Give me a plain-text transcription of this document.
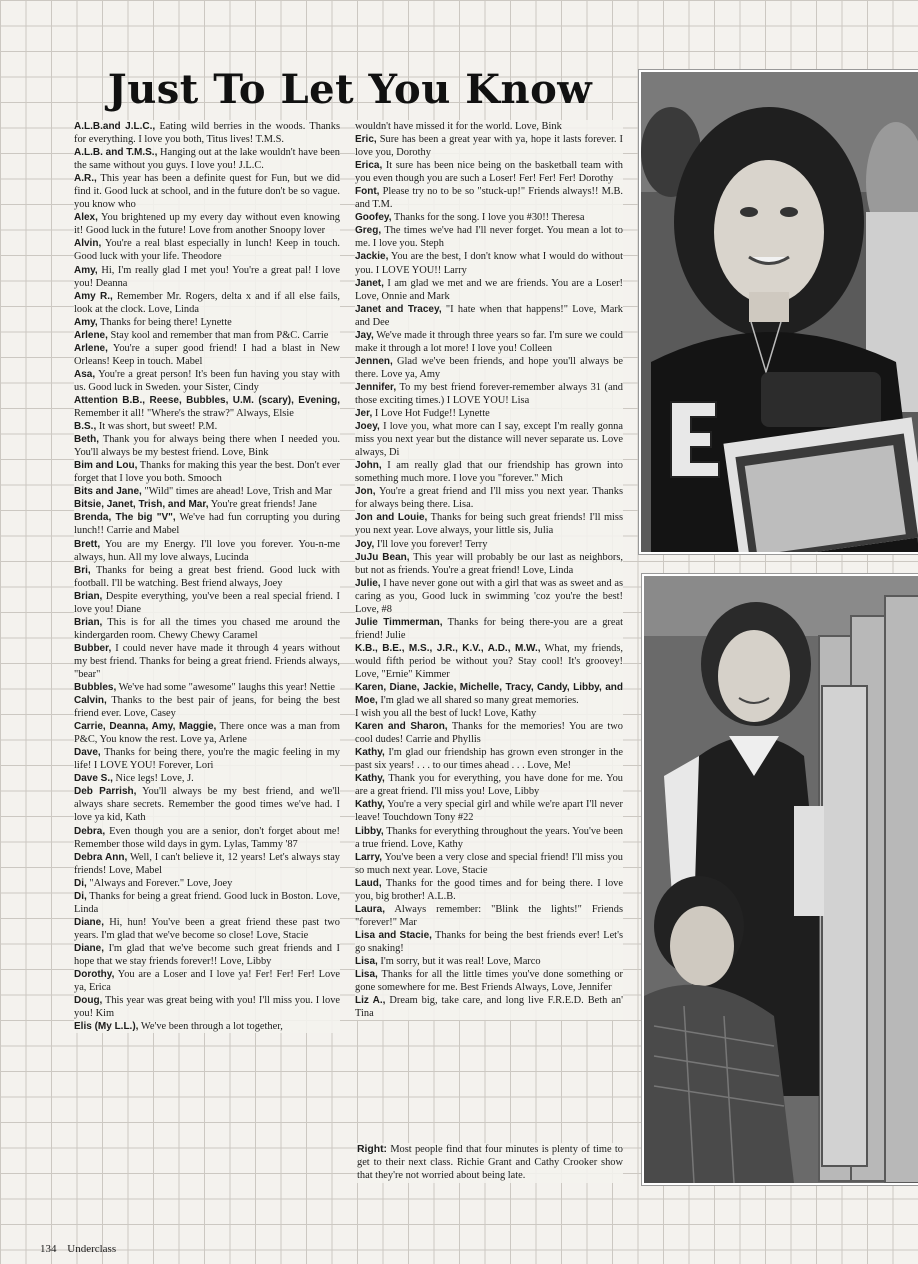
Just To Let You Know

A.L.B.and J.L.C., Eating wild berries in the woods. Thanks for everything. I love you both, Titus lives! T.M.S.

A.L.B. and T.M.S., Hanging out at the lake wouldn't have been the same without you guys. I love you! J.L.C.

A.R., This year has been a definite quest for Fun, but we did find it. Good luck at school, and in the future don't be so vague. you know who

Alex, You brightened up my every day without even knowing it! Good luck in the future! Love from another Snoopy lover

Alvin, You're a real blast especially in lunch! Keep in touch. Good luck with your life. Theodore

Amy, Hi, I'm really glad I met you! You're a great pal! I love you! Deanna

Amy R., Remember Mr. Rogers, delta x and if all else fails, look at the clock. Love, Linda

Amy, Thanks for being there! Lynette

Arlene, Stay kool and remember that man from P&C. Carrie

Arlene, You're a super good friend! I had a blast in New Orleans! Keep in touch. Mabel

Asa, You're a great person! It's been fun having you stay with us. Good luck in Sweden. your Sister, Cindy

Attention B.B., Reese, Bubbles, U.M. (scary), Evening, Remember it all! "Where's the straw?" Always, Elsie

B.S., It was short, but sweet! P.M.

Beth, Thank you for always being there when I needed you. You'll always be my bestest friend. Love, Bink

Bim and Lou, Thanks for making this year the best. Don't ever forget that I love you both. Smooch

Bits and Jane, "Wild" times are ahead! Love, Trish and Mar

Bitsie, Janet, Trish, and Mar, You're great friends! Jane

Brenda, The big "V", We've had fun corrupting you during lunch!! Carrie and Mabel

Brett, You are my Energy. I'll love you forever. You-n-me always, hun. All my love always, Lucinda

Bri, Thanks for being a great best friend. Good luck with football. I'll be watching. Best friend always, Joey

Brian, Despite everything, you've been a real special friend. I love you! Diane

Brian, This is for all the times you chased me around the kindergarden room. Chewy Chewy Caramel

Bubber, I could never have made it through 4 years without my best friend. Thanks for being a great friend. Friends always, "bear"

Bubbles, We've had some "awesome" laughs this year! Nettie

Calvin, Thanks to the best pair of jeans, for being the best friend ever. Love, Casey

Carrie, Deanna, Amy, Maggie, There once was a man from P&C, You know the rest. Love ya, Arlene

Dave, Thanks for being there, you're the magic feeling in my life! I LOVE YOU! Forever, Lori

Dave S., Nice legs! Love, J.

Deb Parrish, You'll always be my best friend, and we'll always share secrets. Remember the good times we've had. I love ya kid, Kath

Debra, Even though you are a senior, don't forget about me! Remember those wild days in gym. Lylas, Tammy '87

Debra Ann, Well, I can't believe it, 12 years! Let's always stay friends! Love, Mabel

Di, "Always and Forever." Love, Joey

Di, Thanks for being a great friend. Good luck in Boston. Love, Linda

Diane, Hi, hun! You've been a great friend these past two years. I'm glad that we've become so close! Love, Stacie

Diane, I'm glad that we've become such great friends and I hope that we stay friends forever!! Love, Libby

Dorothy, You are a Loser and I love ya! Fer! Fer! Fer! Love ya, Erica

Doug, This year was great being with you! I'll miss you. I love you! Kim

Elis (My L.L.), We've been through a lot together,

wouldn't have missed it for the world. Love, Bink

Eric, Sure has been a great year with ya, hope it lasts forever. I love you, Dorothy

Erica, It sure has been nice being on the basketball team with you even though you are such a Loser! Fer! Fer! Fer! Dorothy

Font, Please try no to be so "stuck-up!" Friends always!! M.B. and T.M.

Goofey, Thanks for the song. I love you #30!! Theresa

Greg, The times we've had I'll never forget. You mean a lot to me. I love you. Steph

Jackie, You are the best, I don't know what I would do without you. I LOVE YOU!! Larry

Janet, I am glad we met and we are friends. You are a Loser! Love, Onnie and Mark

Janet and Tracey, "I hate when that happens!" Love, Mark and Dee

Jay, We've made it through three years so far. I'm sure we could make it through a lot more! I love you! Colleen

Jennen, Glad we've been friends, and hope you'll always be there. Love ya, Amy

Jennifer, To my best friend forever-remember always 31 (and those exciting times.) I LOVE YOU! Lisa

Jer, I Love Hot Fudge!! Lynette

Joey, I love you, what more can I say, except I'm really gonna miss you next year but the distance will never separate us. Love always, Di

John, I am really glad that our friendship has grown into something much more. I love you "forever." Mich

Jon, You're a great friend and I'll miss you next year. Thanks for always being there. Lisa.

Jon and Louie, Thanks for being such great friends! I'll miss you next year. Love always, your little sis, Julia

Joy, I'll love you forever! Terry

JuJu Bean, This year will probably be our last as neighbors, but not as friends. You're a great friend! Love, Linda

Julie, I have never gone out with a girl that was as sweet and as caring as you, Good luck in swimming 'coz you're the best! Love, #8

Julie Timmerman, Thanks for being there-you are a great friend! Julie

K.B., B.E., M.S., J.R., K.V., A.D., M.W., What, my friends, would fifth period be without you? Stay cool! It's groovey! Love, "Ernie" Kimmer

Karen, Diane, Jackie, Michelle, Tracy, Candy, Libby, and Moe, I'm glad we all shared so many great memories.

I wish you all the best of luck! Love, Kathy

Karen and Sharon, Thanks for the memories! You are two cool dudes! Carrie and Phyllis

Kathy, I'm glad our friendship has grown even stronger in the past six years! . . . to our times ahead . . . Love, Me!

Kathy, Thank you for everything, you have done for me. You are a great friend. I'll miss you! Love, Libby

Kathy, You're a very special girl and while we're apart I'll never leave! Touchdown Tony #22

Libby, Thanks for everything throughout the years. You've been a true friend. Love, Kathy

Larry, You've been a very close and special friend! I'll miss you so much next year. Love, Stacie

Laud, Thanks for the good times and for being there. I love you, big brother! A.L.B.

Laura, Always remember: "Blink the lights!" Friends "forever!" Mar

Lisa and Stacie, Thanks for being the best friends ever! Let's go snaking!

Lisa, I'm sorry, but it was real! Love, Marco

Lisa, Thanks for all the little times you've done something or gone somewhere for me. Best Friends Always, Love, Jennifer

Liz A., Dream big, take care, and long live F.R.E.D. Beth an' Tina

Right: Most people find that four minutes is plenty of time to get to their next class. Richie Grant and Cathy Crooker show that they're not worried about being late.
134 Underclass
